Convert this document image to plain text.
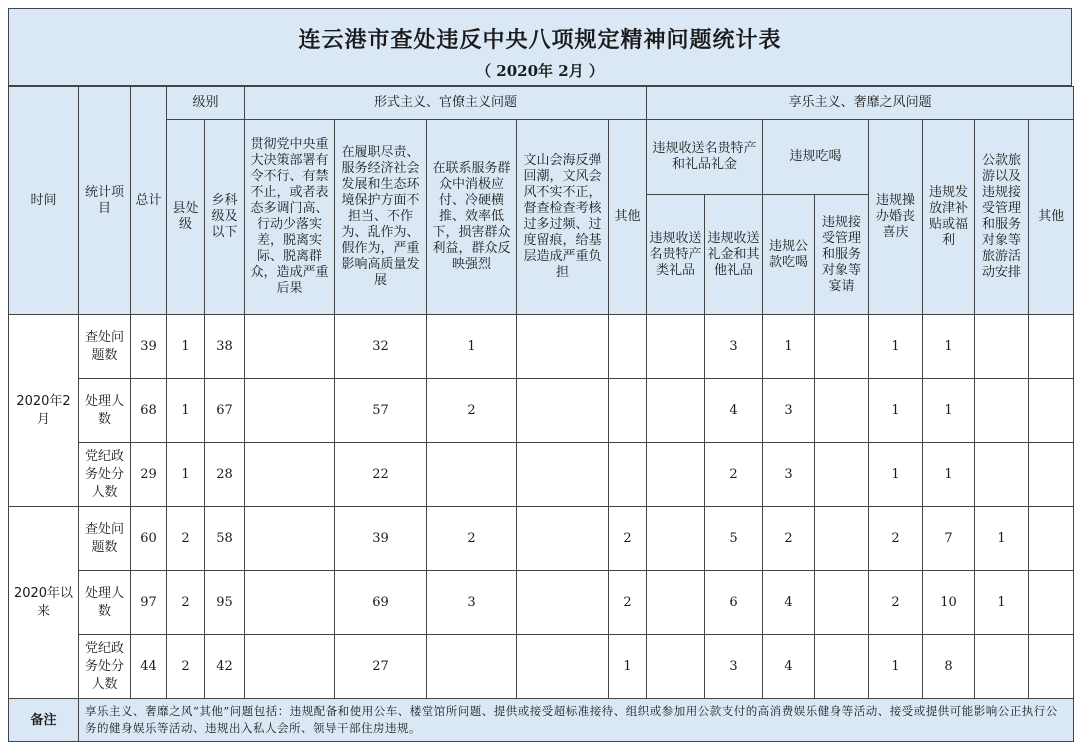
连云港市查处违反中央八项规定精神问题统计表
（ 2020年 2月 ）
时间	统计项目	总计	级别		形式主义、官僚主义问题					享乐主义、奢靡之风问题							
			县处级	乡科级及以下	贯彻党中央重大决策部署有令不行、有禁不止，或者表态多调门高、行动少落实差，脱离实际、脱离群众，造成严重后果	在履职尽责、服务经济社会发展和生态环境保护方面不担当、不作为、乱作为、假作为，严重影响高质量发展	在联系服务群众中消极应付、冷硬横推、效率低下，损害群众利益，群众反映强烈	文山会海反弹回潮，文风会风不实不正，督查检查考核过多过频、过度留痕，给基层造成严重负担	其他	违规收送名贵特产和礼品礼金		违规吃喝		违规操办婚丧喜庆	违规发放津补贴或福利	公款旅游以及违规接受管理和服务对象等旅游活动安排	其他
										违规收送名贵特产类礼品	违规收送礼金和其他礼品	违规公款吃喝	违规接受管理和服务对象等宴请				
2020年2月	查处问题数	39	1	38		32	1				3	1		1	1		
	处理人数	68	1	67		57	2				4	3		1	1		
	党纪政务处分人数	29	1	28		22					2	3		1	1		
2020年以来	查处问题数	60	2	58		39	2		2		5	2		2	7	1	
	处理人数	97	2	95		69	3		2		6	4		2	10	1	
	党纪政务处分人数	44	2	42		27			1		3	4		1	8		
备注	享乐主义、奢靡之风“其他”问题包括：违规配备和使用公车、楼堂馆所问题、提供或接受超标准接待、组织或参加用公款支付的高消费娱乐健身等活动、接受或提供可能影响公正执行公务的健身娱乐等活动、违规出入私人会所、领导干部住房违规。																
